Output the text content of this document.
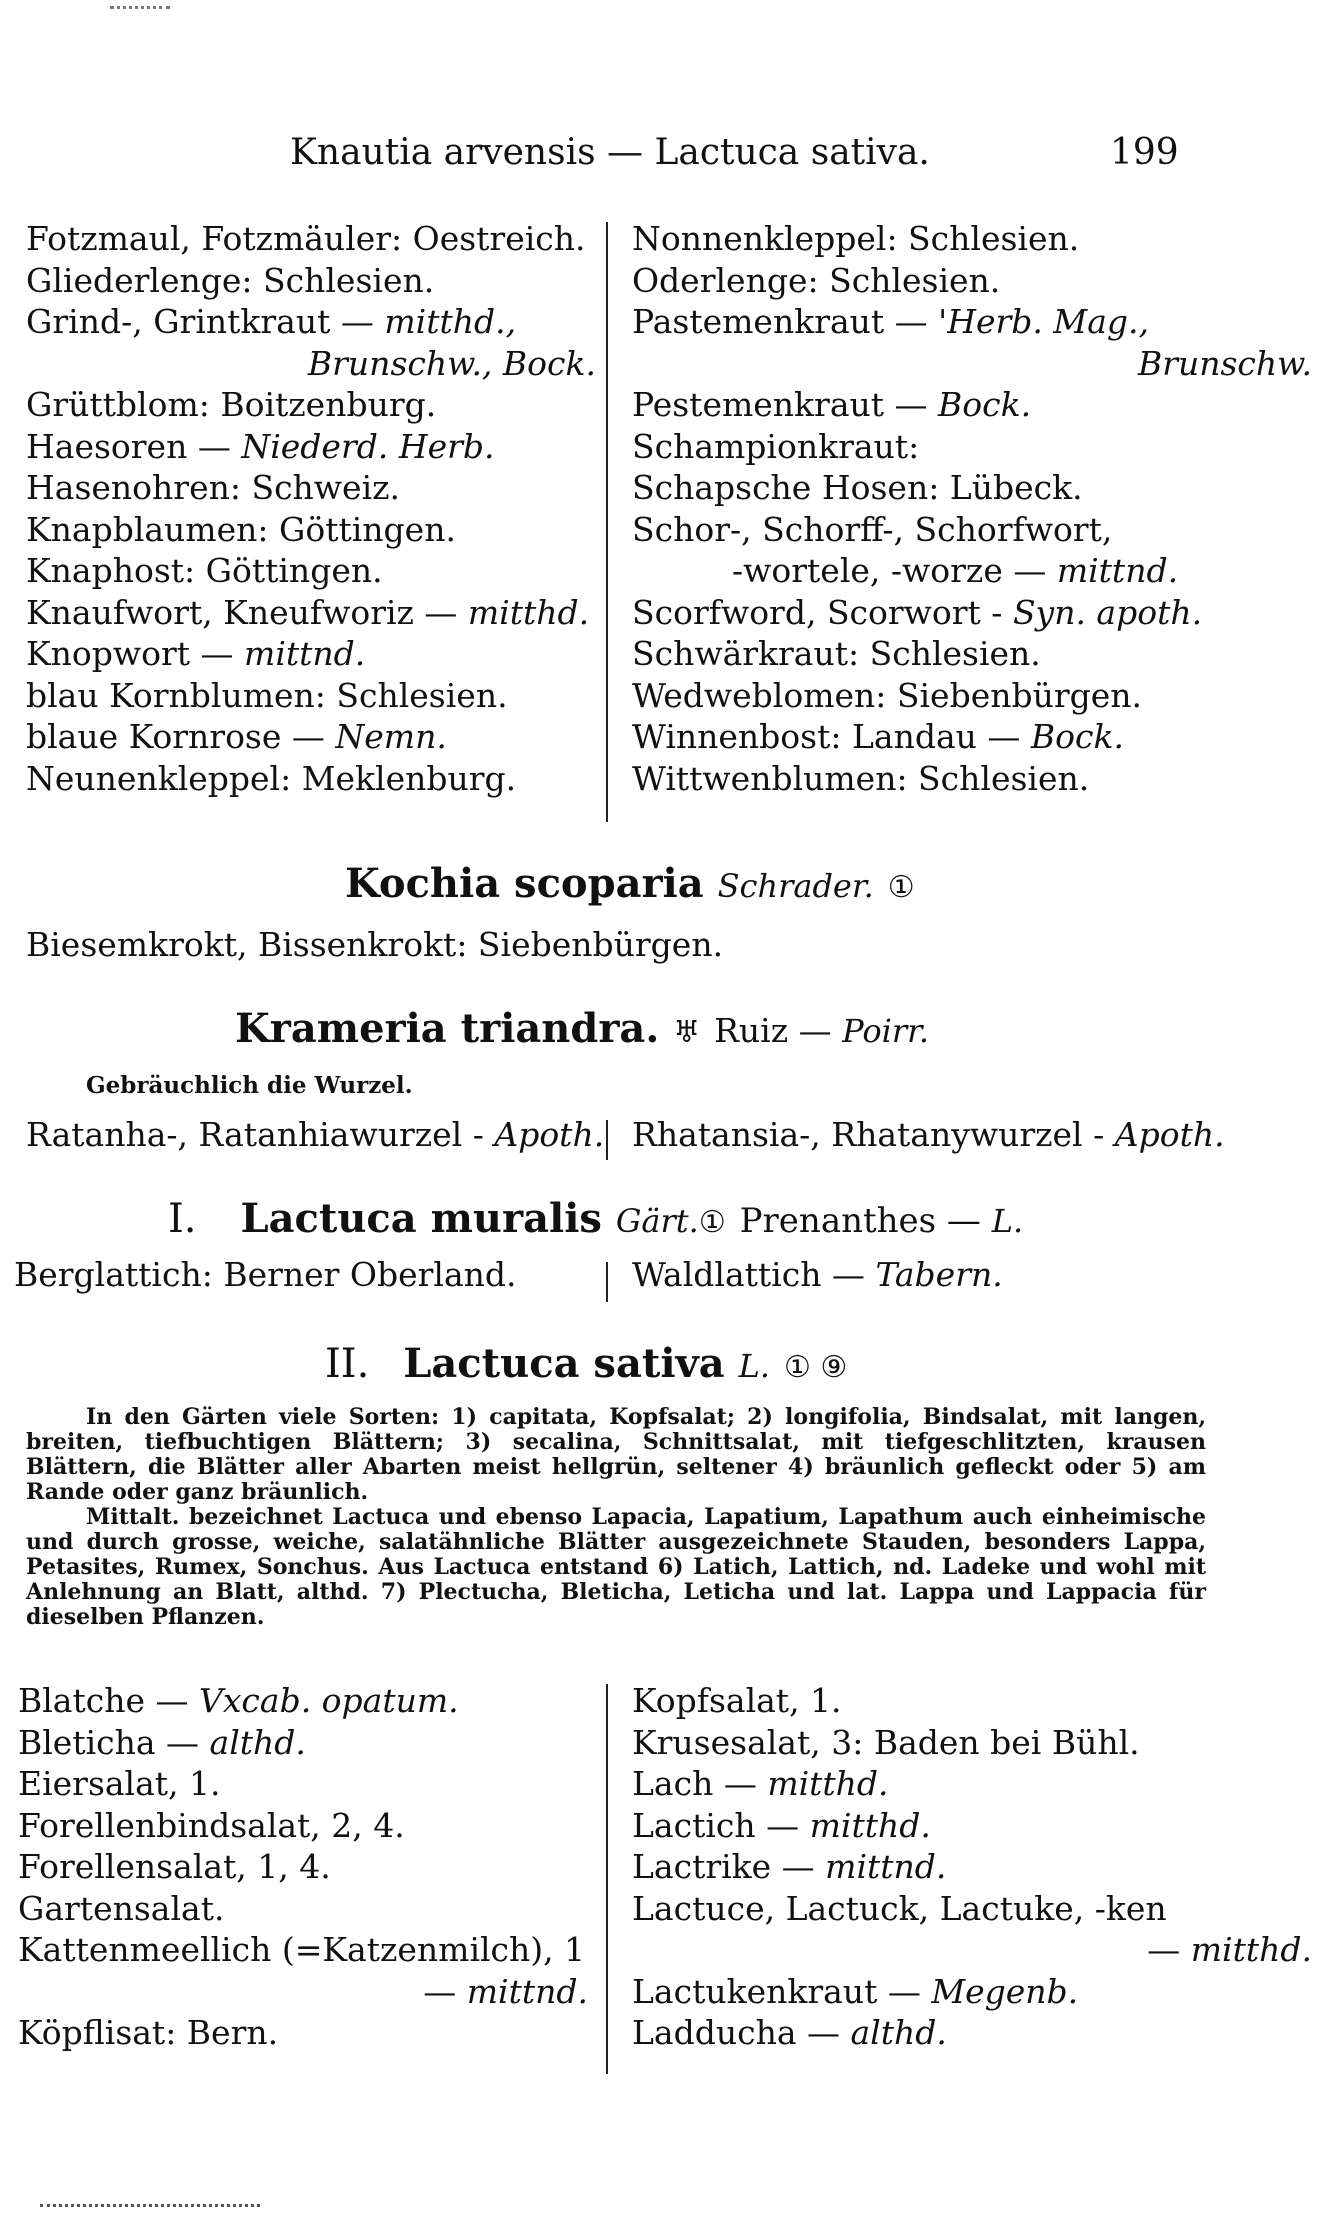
Knautia arvensis — Lactuca sativa.	199
Fotzmaul, Fotzmäuler: Oestreich.
Gliederlenge: Schlesien.
Grind-, Grintkraut — mitthd.,
Brunschw., Bock.
Grüttblom: Boitzenburg.
Haesoren — Niederd. Herb.
Hasenohren: Schweiz.
Knapblaumen: Göttingen.
Knaphost: Göttingen.
Knaufwort, Kneufworiz — mitthd.
Knopwort — mittnd.
blau Kornblumen: Schlesien.
blaue Kornrose — Nemn.
Neunenkleppel: Meklenburg.
Nonnenkleppel: Schlesien.
Oderlenge: Schlesien.
Pastemenkraut — 'Herb. Mag.,
Brunschw.
Pestemenkraut — Bock.
Schampionkraut:
Schapsche Hosen: Lübeck.
Schor-, Schorff-, Schorfwort,
-wortele, -worze — mittnd.
Scorfword, Scorwort - Syn. apoth.
Schwärkraut: Schlesien.
Wedweblomen: Siebenbürgen.
Winnenbost: Landau — Bock.
Wittwenblumen: Schlesien.
Kochia scoparia Schrader. ①
Biesemkrokt, Bissenkrokt: Siebenbürgen.
Krameria triandra. ♅ Ruiz — Poirr.
Gebräuchlich die Wurzel.
Ratanha-, Ratanhiawurzel - Apoth. Rhatansia-, Rhatanywurzel - Apoth.
I. Lactuca muralis Gärt.① Prenanthes — L.
Berglattich: Berner Oberland.	Waldlattich — Tabern.
II. Lactuca sativa L. ① ⑨

In den Gärten viele Sorten: 1) capitata, Kopfsalat; 2) longifolia, Bindsalat, mit langen, breiten, tiefbuchtigen Blättern; 3) secalina, Schnittsalat, mit tiefgeschlitzten, krausen Blättern, die Blätter aller Abarten meist hellgrün, seltener 4) bräunlich gefleckt oder 5) am Rande oder ganz bräunlich.

Mittalt. bezeichnet Lactuca und ebenso Lapacia, Lapatium, Lapathum auch einheimische und durch grosse, weiche, salatähnliche Blätter ausgezeichnete Stauden, besonders Lappa, Petasites, Rumex, Sonchus. Aus Lactuca entstand 6) Latich, Lattich, nd. Ladeke und wohl mit Anlehnung an Blatt, althd. 7) Plectucha, Bleticha, Leticha und lat. Lappa und Lappacia für dieselben Pflanzen.

Blatche — Vxcab. opatum.
Bleticha — althd.
Eiersalat, 1.
Forellenbindsalat, 2, 4.
Forellensalat, 1, 4.
Gartensalat.
Kattenmeellich (=Katzenmilch), 1
— mittnd.
Köpflisat: Bern.
Kopfsalat, 1.
Krusesalat, 3: Baden bei Bühl.
Lach — mitthd.
Lactich — mitthd.
Lactrike — mittnd.
Lactuce, Lactuck, Lactuke, -ken
— mitthd.
Lactukenkraut — Megenb.
Ladducha — althd.
